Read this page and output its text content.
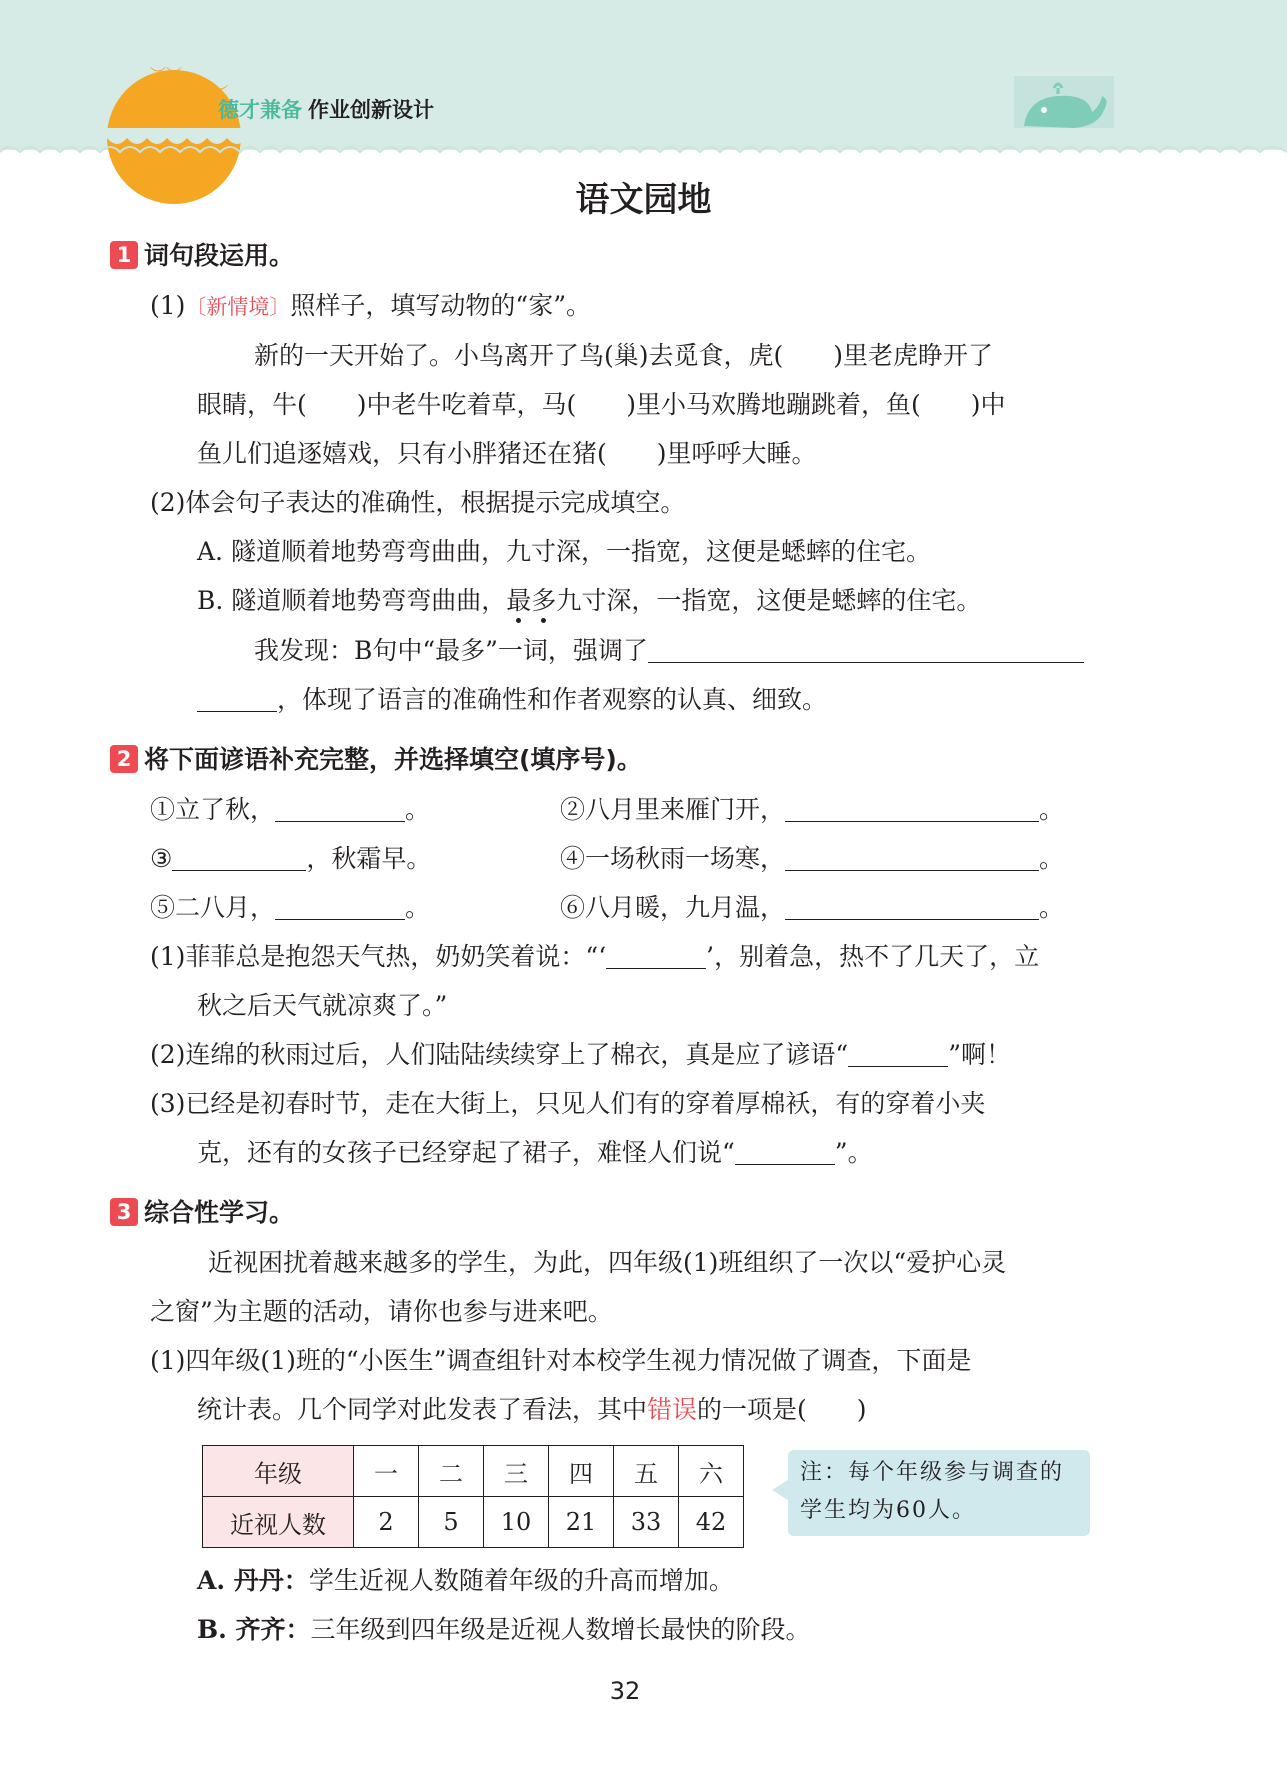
︶︶
︶︶
德才兼备 作业创新设计
语文园地
1 词句段运用。
(1)〔新情境〕照样子，填写动物的“家”。
新的一天开始了。小鸟离开了鸟(巢)去觅食，虎(　　)里老虎睁开了
眼睛，牛(　　)中老牛吃着草，马(　　)里小马欢腾地蹦跳着，鱼(　　)中
鱼儿们追逐嬉戏，只有小胖猪还在猪(　　)里呼呼大睡。
(2)体会句子表达的准确性，根据提示完成填空。
A. 隧道顺着地势弯弯曲曲，九寸深，一指宽，这便是蟋蟀的住宅。
B. 隧道顺着地势弯弯曲曲，最多九寸深，一指宽，这便是蟋蟀的住宅。
我发现：B句中“最多”一词，强调了
，体现了语言的准确性和作者观察的认真、细致。
2 将下面谚语补充完整，并选择填空(填序号)。
①立了秋，	。	②八月里来雁门开，	。
③	，秋霜早。	④一场秋雨一场寒，	。
⑤二八月，	。	⑥八月暖，九月温，	。
(1)菲菲总是抱怨天气热，奶奶笑着说：“‘	’，别着急，热不了几天了，立
秋之后天气就凉爽了。”
(2)连绵的秋雨过后，人们陆陆续续穿上了棉衣，真是应了谚语“	”啊！
(3)已经是初春时节，走在大街上，只见人们有的穿着厚棉袄，有的穿着小夹
克，还有的女孩子已经穿起了裙子，难怪人们说“	”。
3 综合性学习。
近视困扰着越来越多的学生，为此，四年级(1)班组织了一次以“爱护心灵
之窗”为主题的活动，请你也参与进来吧。
(1)四年级(1)班的“小医生”调查组针对本校学生视力情况做了调查，下面是
统计表。几个同学对此发表了看法，其中错误的一项是(　　)
年级	一	二	三	四	五	六
近视人数	2	5	10	21	33	42
注：每个年级参与调查的
学生均为60人。
A. 丹丹：学生近视人数随着年级的升高而增加。
B. 齐齐：三年级到四年级是近视人数增长最快的阶段。
32
